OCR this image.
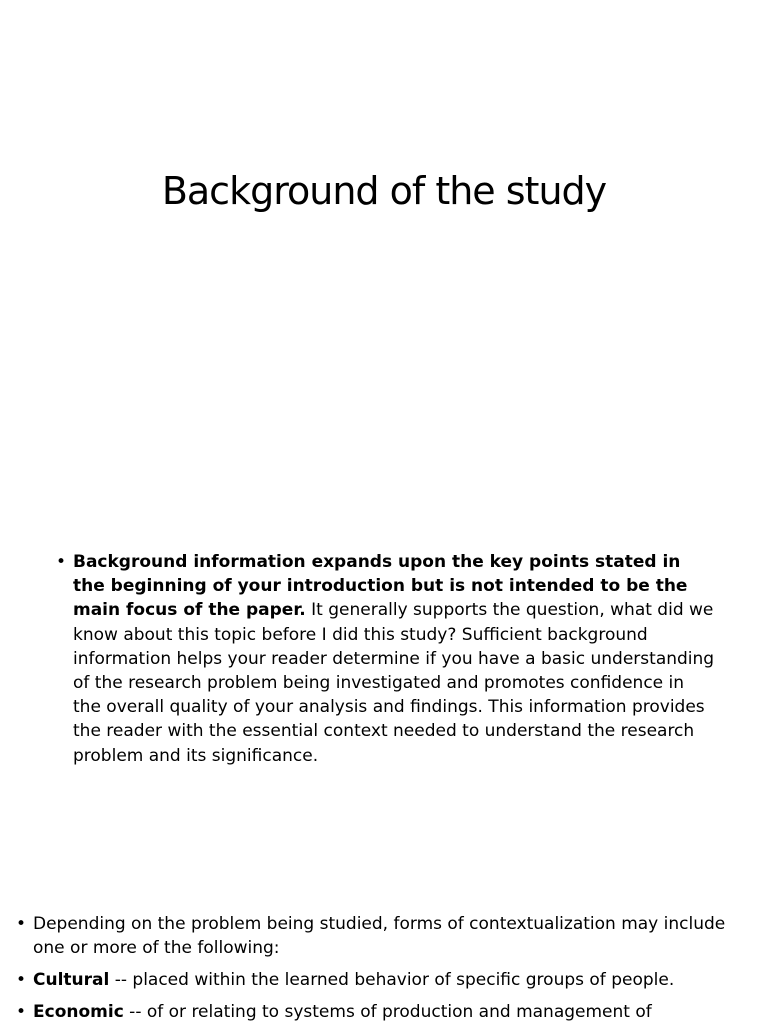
Background of the study
• Background information expands upon the key points stated in the beginning of your introduction but is not intended to be the main focus of the paper. It generally supports the question, what did we know about this topic before I did this study? Sufficient background information helps your reader determine if you have a basic understanding of the research problem being investigated and promotes confidence in the overall quality of your analysis and findings. This information provides the reader with the essential context needed to understand the research problem and its significance.
• Depending on the problem being studied, forms of contextualization may include one or more of the following:
• Cultural -- placed within the learned behavior of specific groups of people.
• Economic -- of or relating to systems of production and management of
